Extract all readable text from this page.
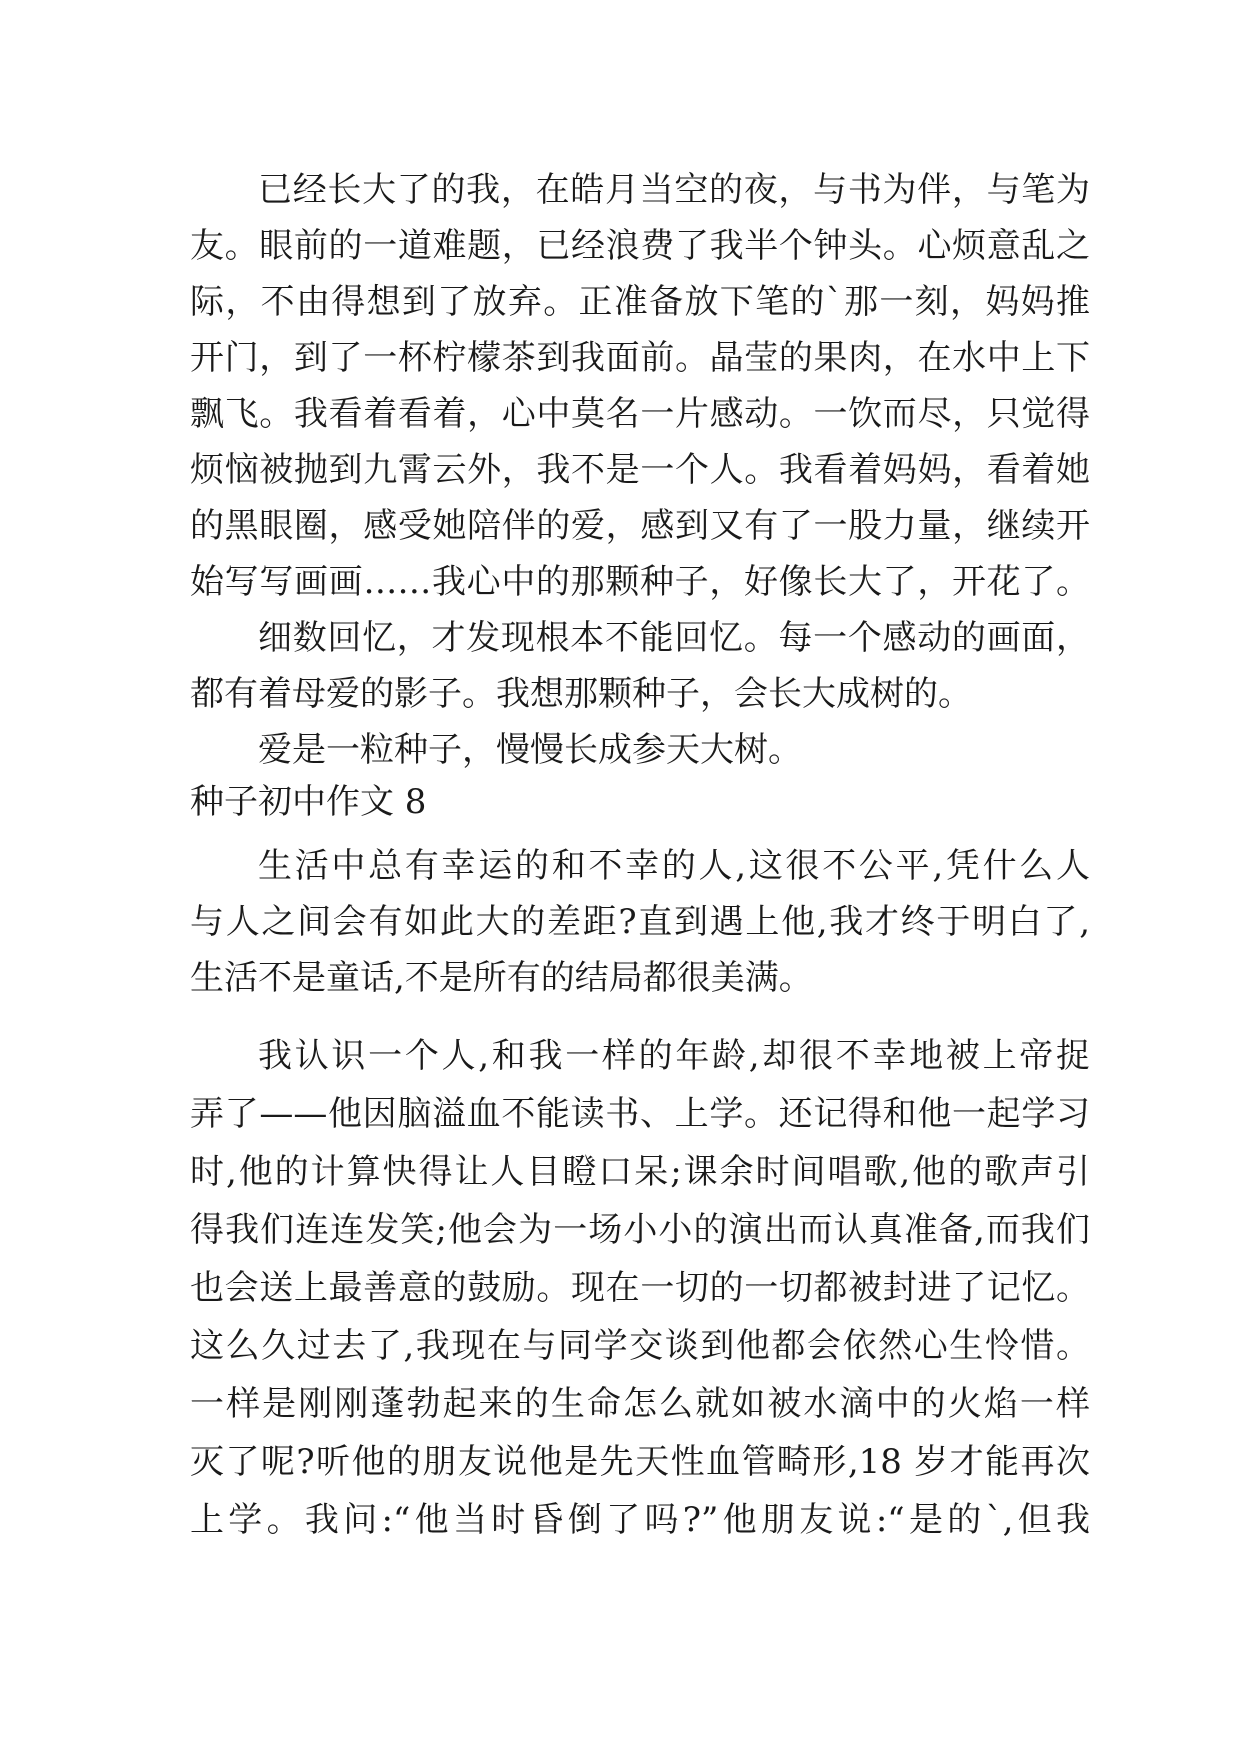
已经长大了的我，在皓月当空的夜，与书为伴，与笔为
友。眼前的一道难题，已经浪费了我半个钟头。心烦意乱之
际，不由得想到了放弃。正准备放下笔的`那一刻，妈妈推
开门，到了一杯柠檬茶到我面前。晶莹的果肉，在水中上下
飘飞。我看着看着，心中莫名一片感动。一饮而尽，只觉得
烦恼被抛到九霄云外，我不是一个人。我看着妈妈，看着她
的黑眼圈，感受她陪伴的爱，感到又有了一股力量，继续开
始写写画画……我心中的那颗种子，好像长大了，开花了。
细数回忆，才发现根本不能回忆。每一个感动的画面，
都有着母爱的影子。我想那颗种子，会长大成树的。
爱是一粒种子，慢慢长成参天大树。
种子初中作文 8
生活中总有幸运的和不幸的人,这很不公平,凭什么人
与人之间会有如此大的差距?直到遇上他,我才终于明白了,
生活不是童话,不是所有的结局都很美满。
我认识一个人,和我一样的年龄,却很不幸地被上帝捉
弄了——他因脑溢血不能读书、上学。还记得和他一起学习
时,他的计算快得让人目瞪口呆;课余时间唱歌,他的歌声引
得我们连连发笑;他会为一场小小的演出而认真准备,而我们
也会送上最善意的鼓励。现在一切的一切都被封进了记忆。
这么久过去了,我现在与同学交谈到他都会依然心生怜惜。
一样是刚刚蓬勃起来的生命怎么就如被水滴中的火焰一样
灭了呢?听他的朋友说他是先天性血管畸形,18 岁才能再次
上学。我问:“他当时昏倒了吗?”他朋友说:“是的`,但我
